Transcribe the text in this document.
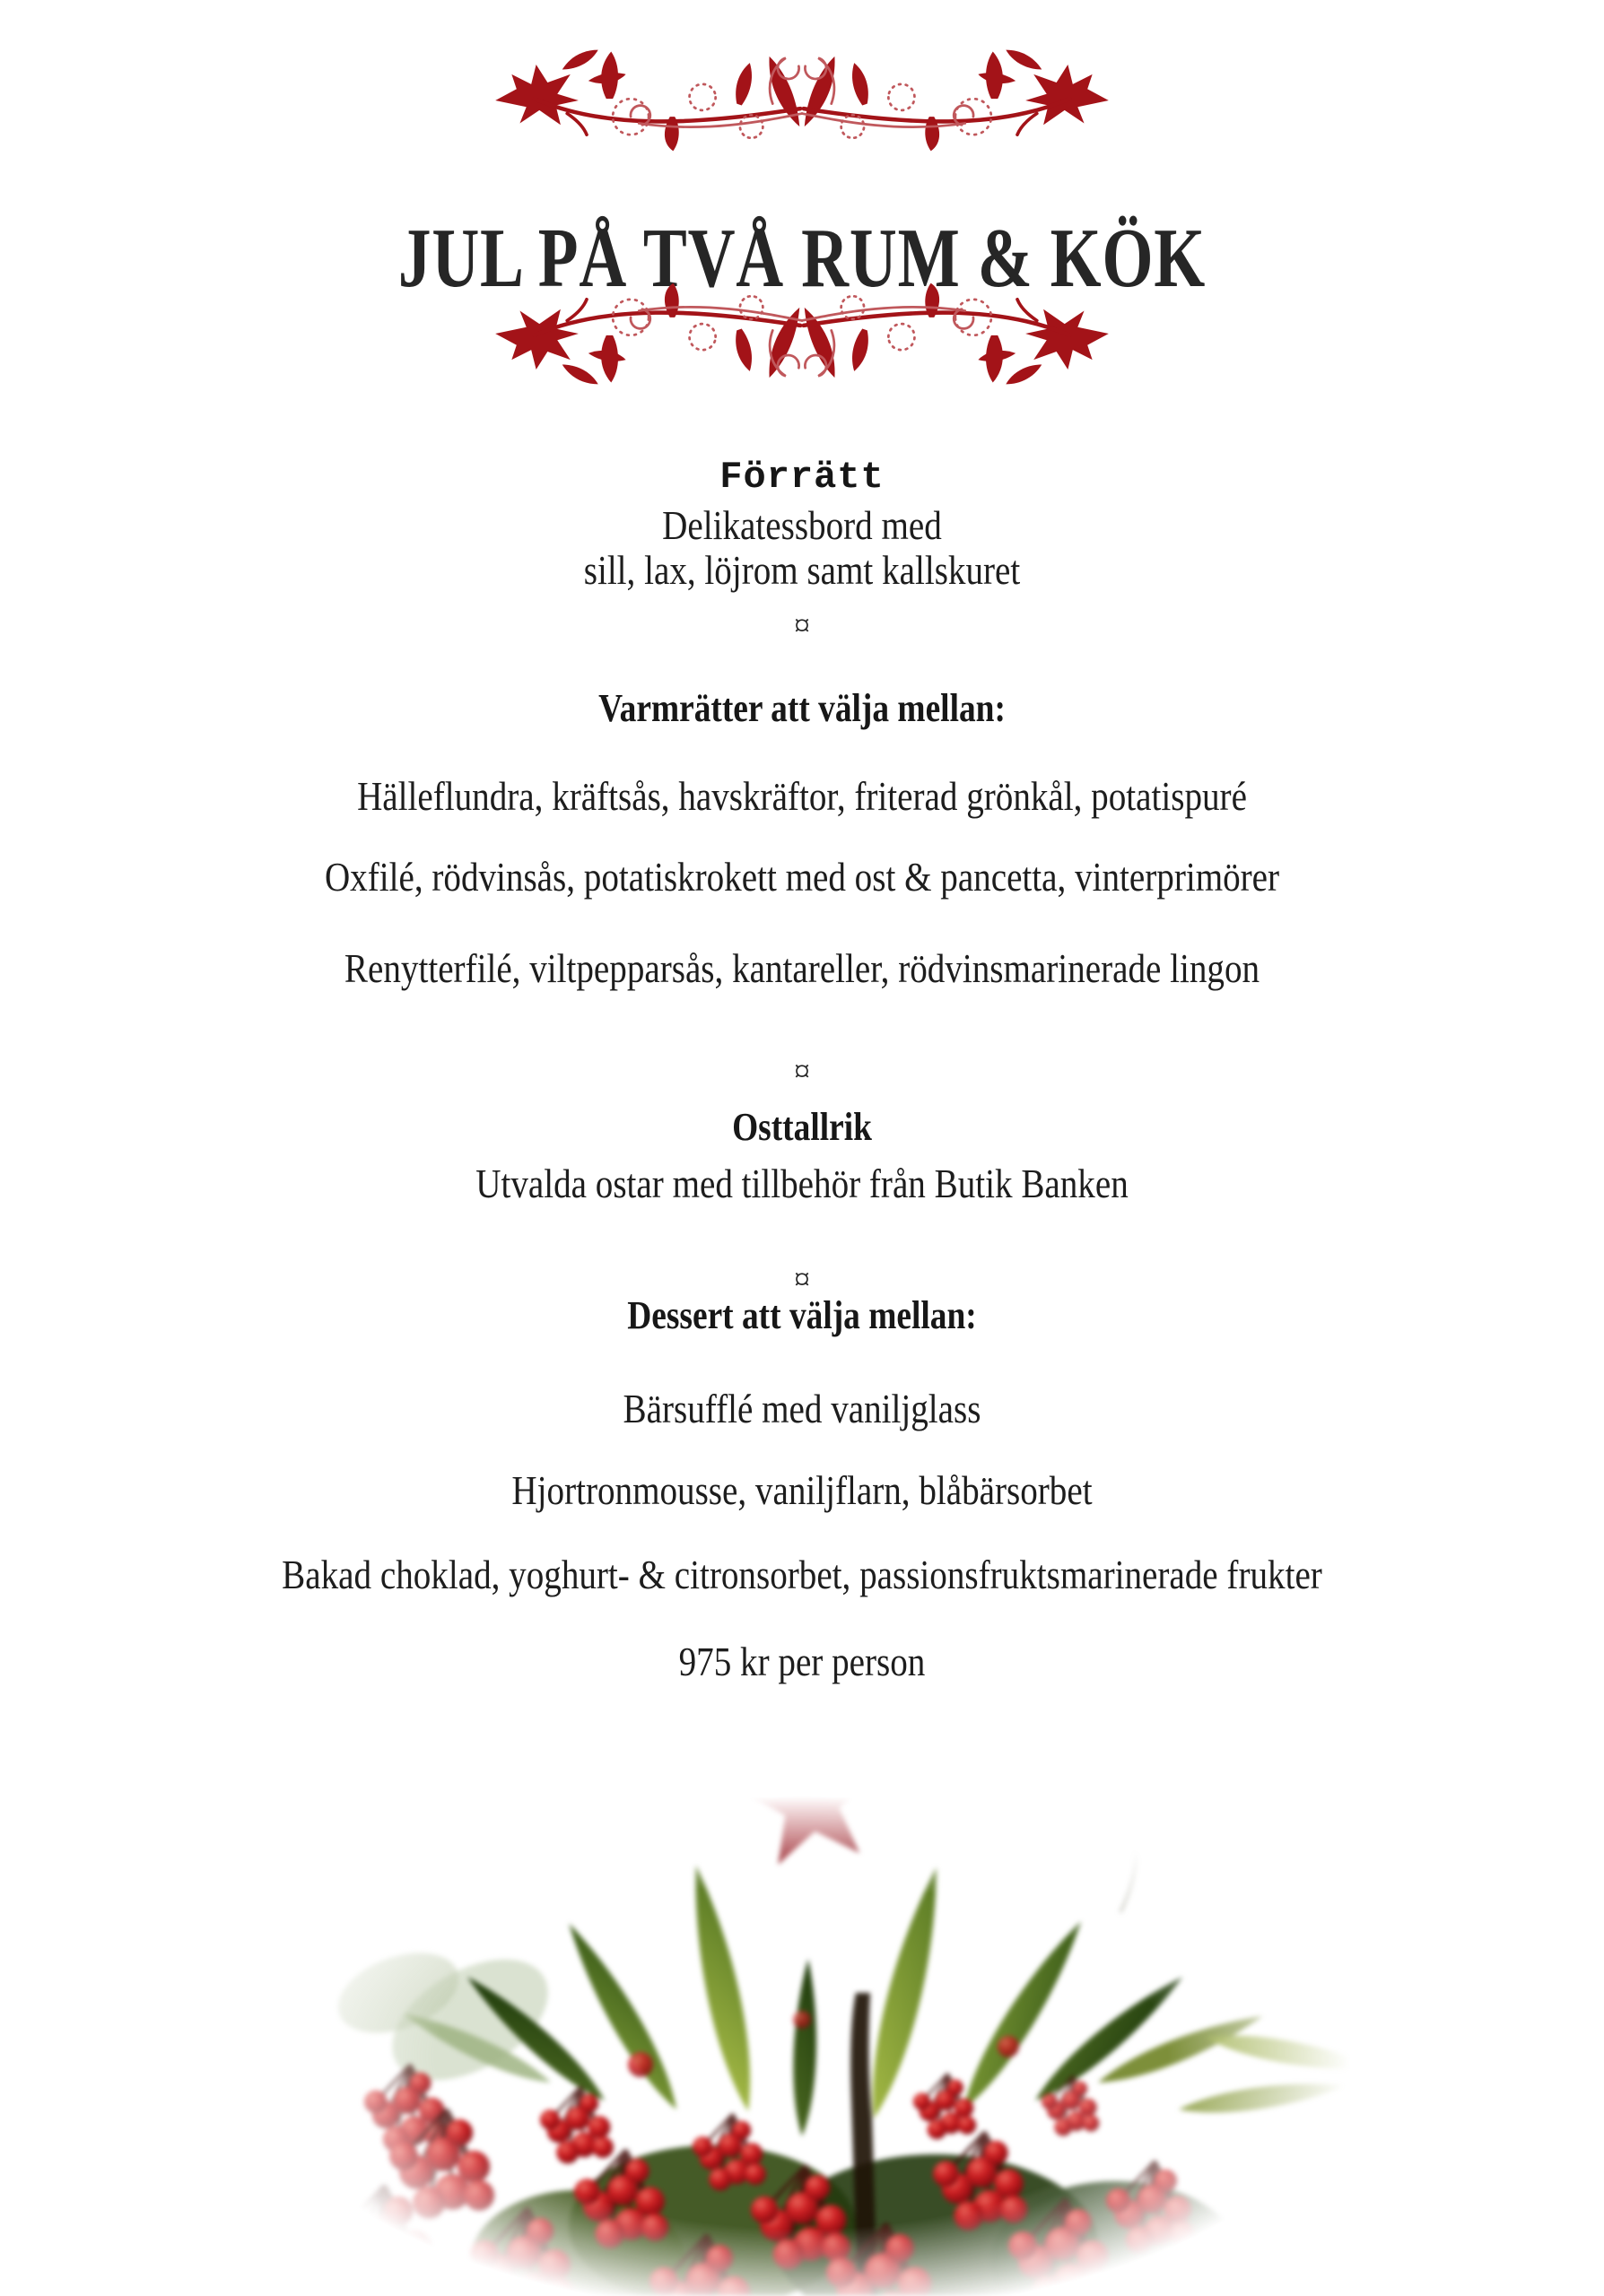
JUL PÅ TVÅ RUM & KÖK
Förrätt
Delikatessbord med
sill, lax, löjrom samt kallskuret
¤
Varmrätter att välja mellan:
Hälleflundra, kräftsås, havskräftor, friterad grönkål, potatispuré
Oxfilé, rödvinsås, potatiskrokett med ost & pancetta, vinterprimörer
Renytterfilé, viltpepparsås, kantareller, rödvinsmarinerade lingon
¤
Osttallrik
Utvalda ostar med tillbehör från Butik Banken
¤
Dessert att välja mellan:
Bärsufflé med vaniljglass
Hjortronmousse, vaniljflarn, blåbärsorbet
Bakad choklad, yoghurt- & citronsorbet, passionsfruktsmarinerade frukter
975 kr per person
